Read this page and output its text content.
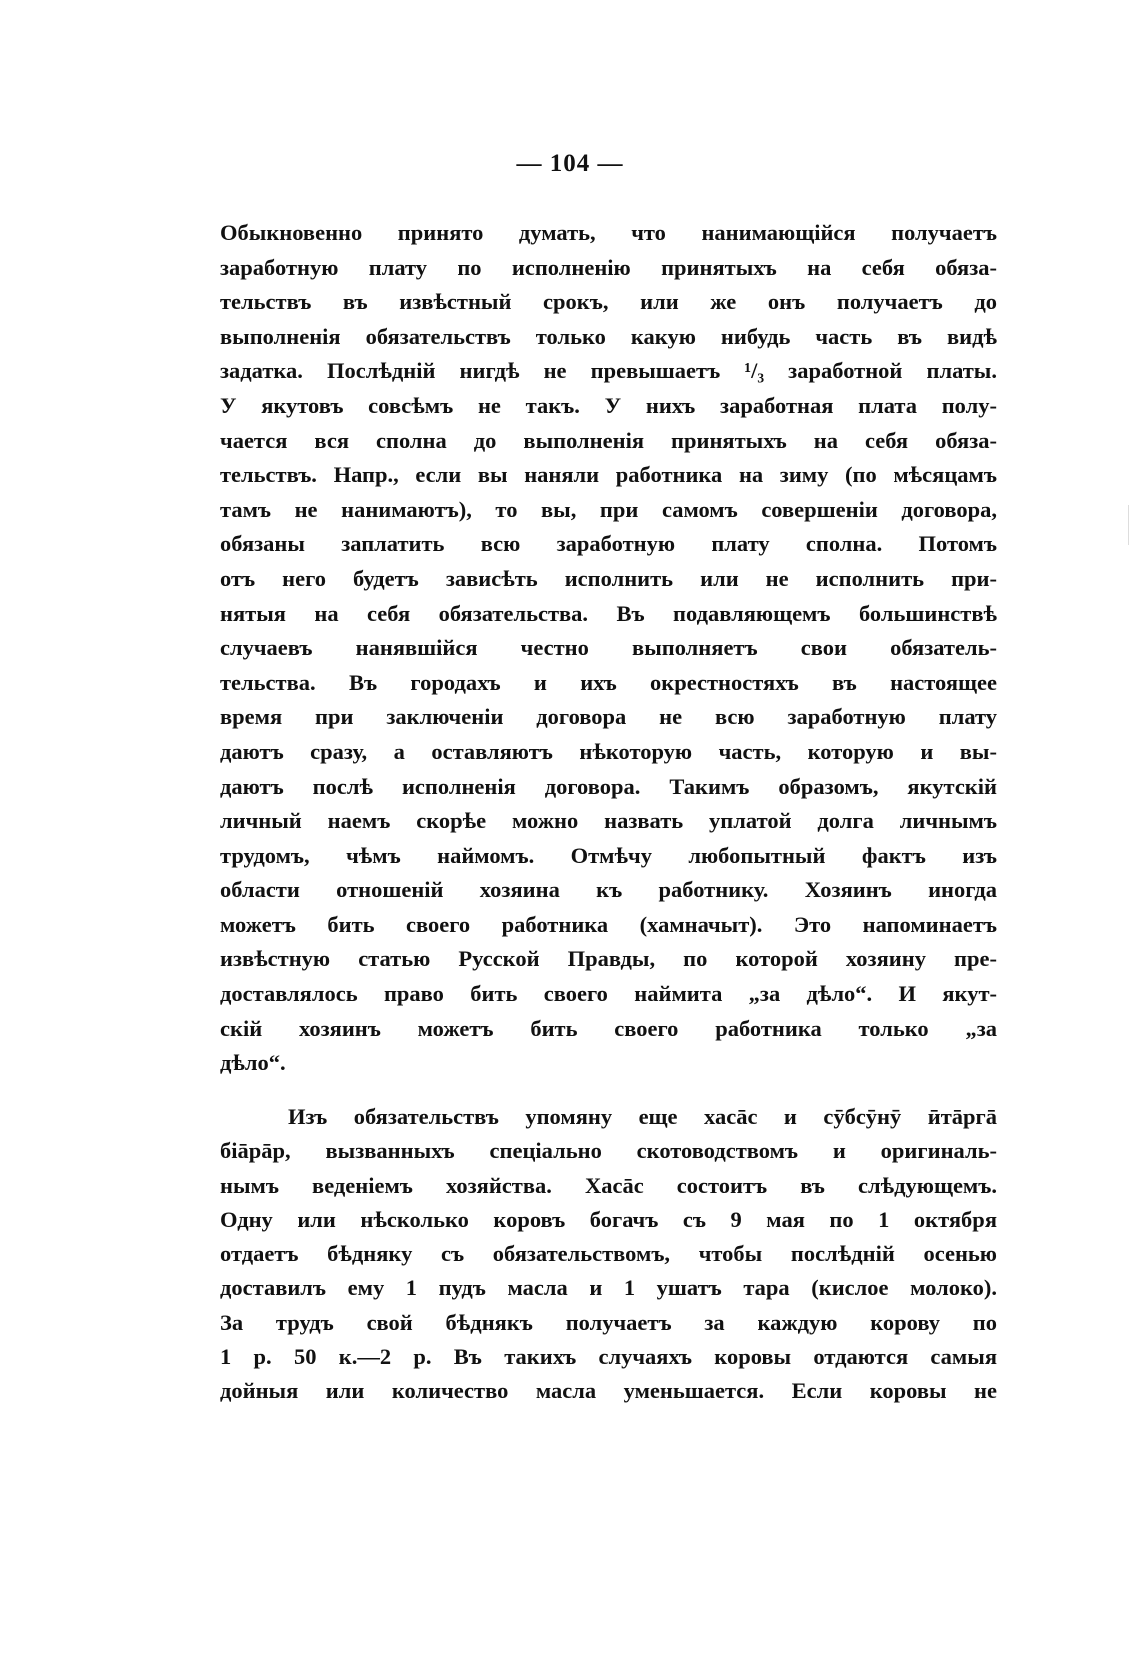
— 104 —
Обыкновенно принято думать, что нанимающійся получаетъ
заработную плату по исполненію принятыхъ на себя обяза-
тельствъ въ извѣстный срокъ, или же онъ получаетъ до
выполненія обязательствъ только какую нибудь часть въ видѣ
задатка. Послѣдній нигдѣ не превышаетъ ¹/₃ заработной платы.
У якутовъ совсѣмъ не такъ. У нихъ заработная плата полу-
чается вся сполна до выполненія принятыхъ на себя обяза-
тельствъ. Напр., если вы наняли работника на зиму (по мѣсяцамъ
тамъ не нанимаютъ), то вы, при самомъ совершеніи договора,
обязаны заплатить всю заработную плату сполна. Потомъ
отъ него будетъ зависѣть исполнить или не исполнить при-
нятыя на себя обязательства. Въ подавляющемъ большинствѣ
случаевъ нанявшійся честно выполняетъ свои обязатель-
тельства. Въ городахъ и ихъ окрестностяхъ въ настоящее
время при заключеніи договора не всю заработную плату
даютъ сразу, а оставляютъ нѣкоторую часть, которую и вы-
даютъ послѣ исполненія договора. Такимъ образомъ, якутскій
личный наемъ скорѣе можно назвать уплатой долга личнымъ
трудомъ, чѣмъ наймомъ. Отмѣчу любопытный фактъ изъ
области отношеній хозяина къ работнику. Хозяинъ иногда
можетъ бить своего работника (хамначыт). Это напоминаетъ
извѣстную статью Русской Правды, по которой хозяину пре-
доставлялось право бить своего наймита „за дѣло“. И якут-
скій хозяинъ можетъ бить своего работника только „за
дѣло“.
Изъ обязательствъ упомяну еще хасāс и сӯбсӯнӯ ӣтāргā
біāрāр, вызванныхъ спеціально скотоводствомъ и оригиналь-
нымъ веденіемъ хозяйства. Хасāс состоитъ въ слѣдующемъ.
Одну или нѣсколько коровъ богачъ съ 9 мая по 1 октября
отдаетъ бѣдняку съ обязательствомъ, чтобы послѣдній осенью
доставилъ ему 1 пудъ масла и 1 ушатъ тара (кислое молоко).
За трудъ свой бѣднякъ получаетъ за каждую корову по
1 р. 50 к.—2 р. Въ такихъ случаяхъ коровы отдаются самыя
дойныя или количество масла уменьшается. Если коровы не
